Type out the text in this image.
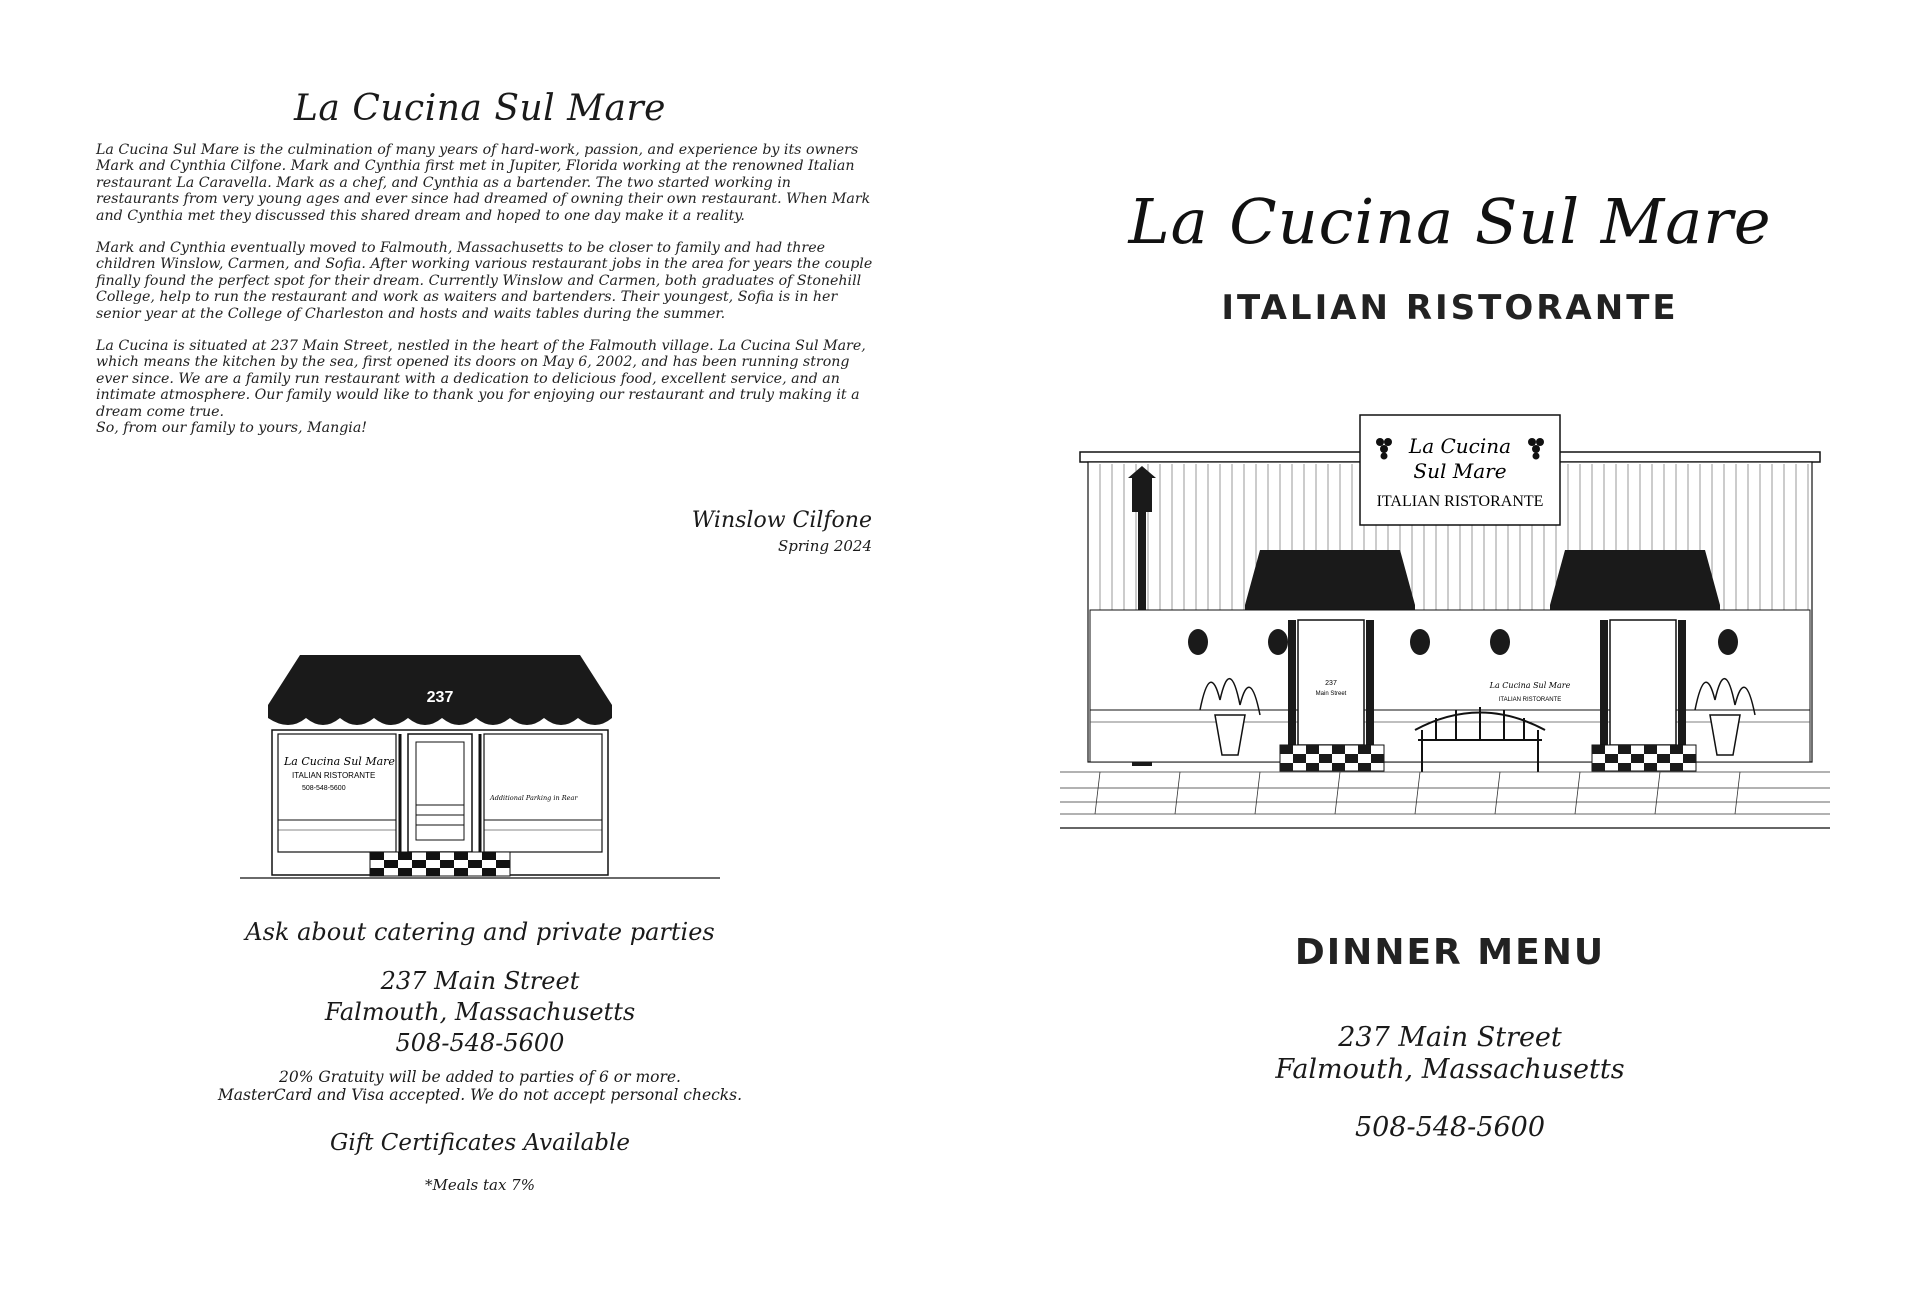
La Cucina Sul Mare

La Cucina Sul Mare is the culmination of many years of hard-work, passion, and experience by its owners Mark and Cynthia Cilfone. Mark and Cynthia first met in Jupiter, Florida working at the renowned Italian restaurant La Caravella. Mark as a chef, and Cynthia as a bartender. The two started working in restaurants from very young ages and ever since had dreamed of owning their own restaurant. When Mark and Cynthia met they discussed this shared dream and hoped to one day make it a reality.

Mark and Cynthia eventually moved to Falmouth, Massachusetts to be closer to family and had three children Winslow, Carmen, and Sofia. After working various restaurant jobs in the area for years the couple finally found the perfect spot for their dream. Currently Winslow and Carmen, both graduates of Stonehill College, help to run the restaurant and work as waiters and bartenders. Their youngest, Sofia is in her senior year at the College of Charleston and hosts and waits tables during the summer.

La Cucina is situated at 237 Main Street, nestled in the heart of the Falmouth village. La Cucina Sul Mare, which means the kitchen by the sea, first opened its doors on May 6, 2002, and has been running strong ever since. We are a family run restaurant with a dedication to delicious food, excellent service, and an intimate atmosphere. Our family would like to thank you for enjoying our restaurant and truly making it a dream come true.

So, from our family to yours, Mangia!

Winslow Cilfone
Spring 2024
237
La Cucina Sul Mare
ITALIAN RISTORANTE
508-548-5600
Additional Parking in Rear
Ask about catering and private parties
237 Main Street
Falmouth, Massachusetts
508-548-5600
20% Gratuity will be added to parties of 6 or more.
MasterCard and Visa accepted. We do not accept personal checks.
Gift Certificates Available
*Meals tax 7%
La Cucina Sul Mare
ITALIAN RISTORANTE
La Cucina
Sul Mare
ITALIAN RISTORANTE
237
Main Street
La Cucina Sul Mare
ITALIAN RISTORANTE
DINNER MENU
237 Main Street
Falmouth, Massachusetts
508-548-5600
